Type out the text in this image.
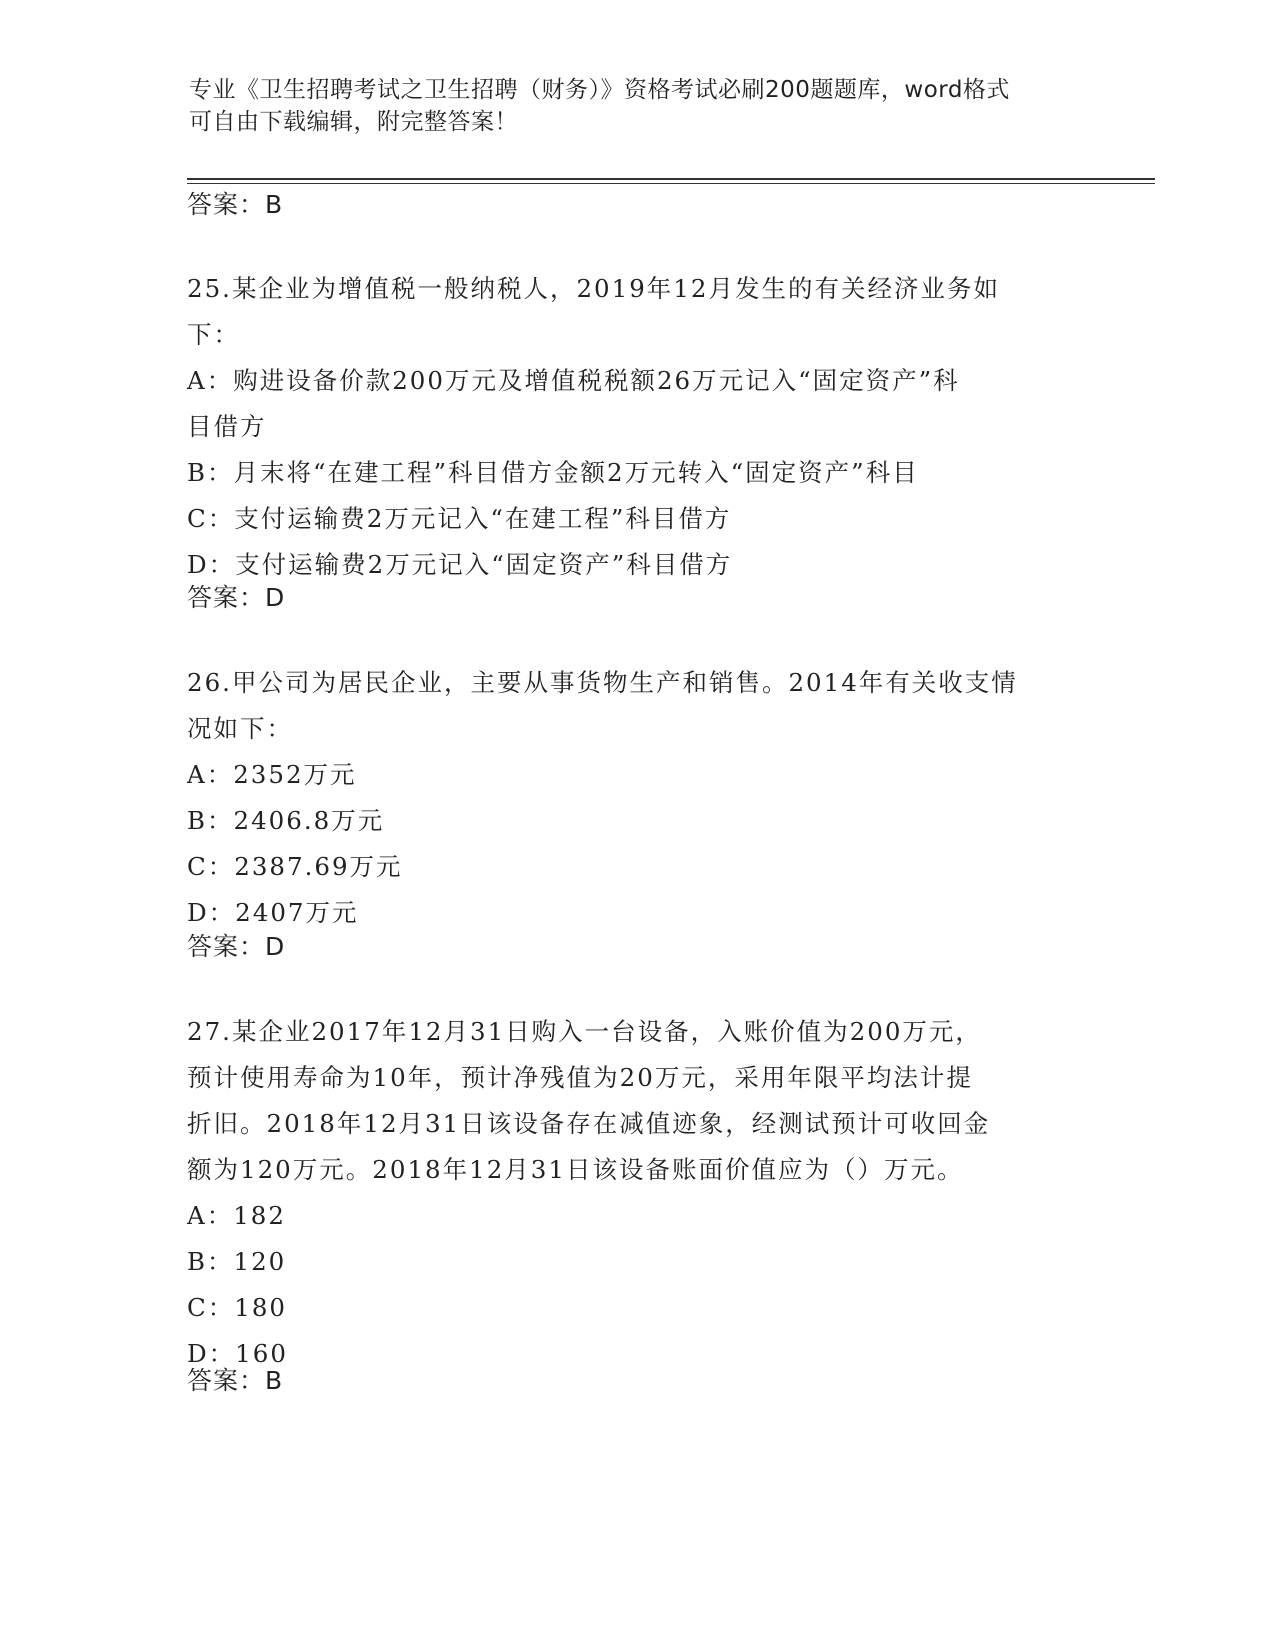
专业《卫生招聘考试之卫生招聘（财务）》资格考试必刷200题题库，word格式
可自由下载编辑，附完整答案！
答案：B
25.某企业为增值税一般纳税人，2019年12月发生的有关经济业务如
下：
A：购进设备价款200万元及增值税税额26万元记入“固定资产”科
目借方
B：月末将“在建工程”科目借方金额2万元转入“固定资产”科目
C：支付运输费2万元记入“在建工程”科目借方
D：支付运输费2万元记入“固定资产”科目借方
答案：D
26.甲公司为居民企业，主要从事货物生产和销售。2014年有关收支情
况如下：
A：2352万元
B：2406.8万元
C：2387.69万元
D：2407万元
答案：D
27.某企业2017年12月31日购入一台设备，入账价值为200万元，
预计使用寿命为10年，预计净残值为20万元，采用年限平均法计提
折旧。2018年12月31日该设备存在减值迹象，经测试预计可收回金
额为120万元。2018年12月31日该设备账面价值应为（）万元。
A：182
B：120
C：180
D：160
答案：B
